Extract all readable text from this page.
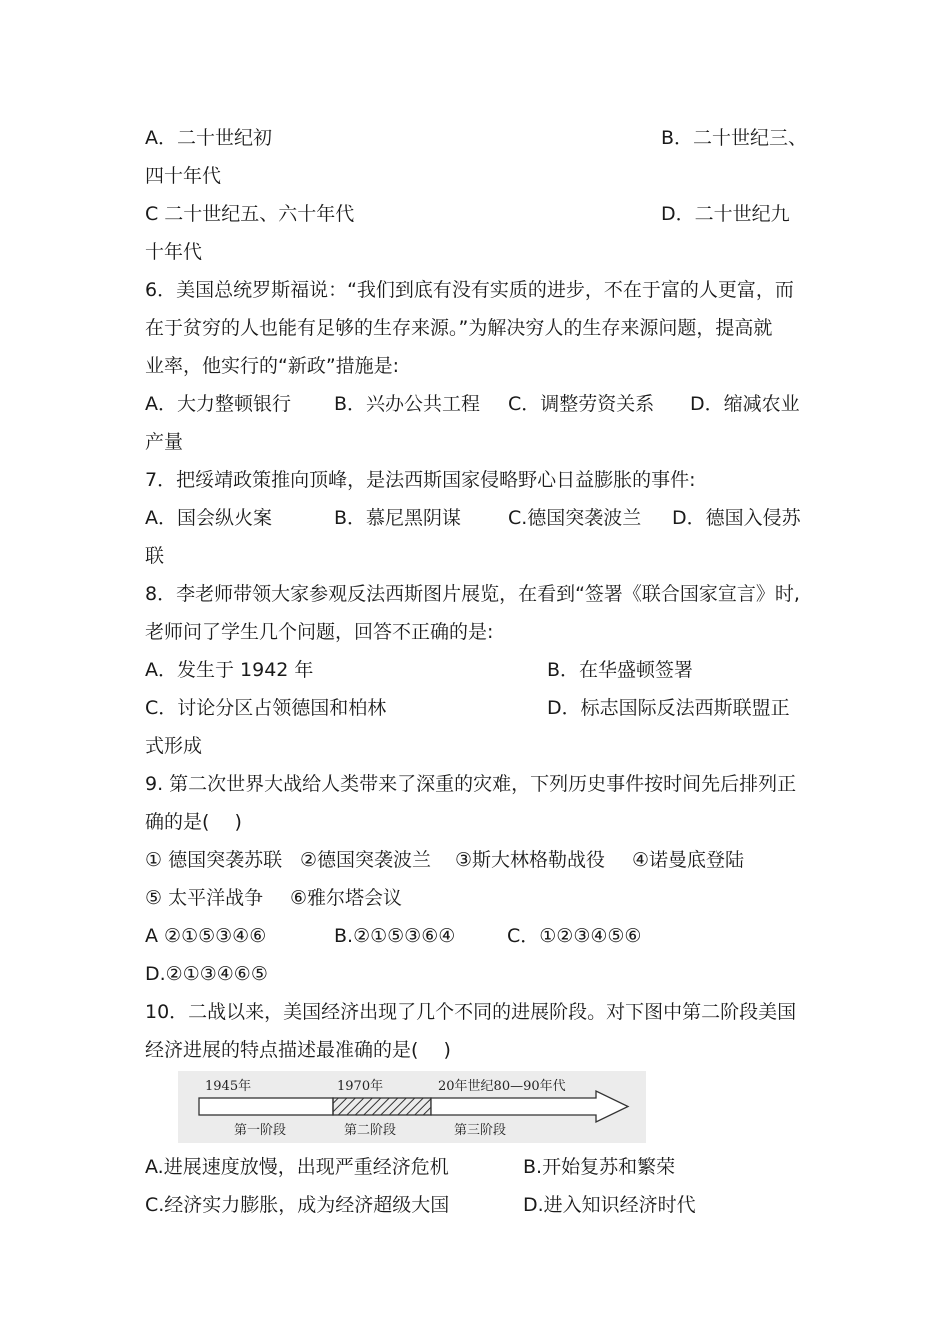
A．二十世纪初	B．二十世纪三、
四十年代
C 二十世纪五、六十年代	D．二十世纪九
十年代
6．美国总统罗斯福说：“我们到底有没有实质的进步，不在于富的人更富，而
在于贫穷的人也能有足够的生存来源。”为解决穷人的生存来源问题，提高就
业率，他实行的“新政”措施是:
A．大力整顿银行 B．兴办公共工程 C．调整劳资关系 D．缩减农业
产量
7．把绥靖政策推向顶峰，是法西斯国家侵略野心日益膨胀的事件:
A．国会纵火案	B．慕尼黑阴谋 C.德国突袭波兰 D．德国入侵苏
联
8．李老师带领大家参观反法西斯图片展览，在看到“签署《联合国家宣言》时,
老师问了学生几个问题，回答不正确的是:
A．发生于 1942 年	B．在华盛顿签署
C．讨论分区占领德国和柏林	D．标志国际反法西斯联盟正
式形成
9. 第二次世界大战给人类带来了深重的灾难，下列历史事件按时间先后排列正
确的是(　 )
① 德国突袭苏联 ②德国突袭波兰 ③斯大林格勒战役 ④诺曼底登陆
⑤ 太平洋战争 ⑥雅尔塔会议
A ②①⑤③④⑥	B.②①⑤③⑥④	C．①②③④⑤⑥
D.②①③④⑥⑤
10．二战以来，美国经济出现了几个不同的进展阶段。对下图中第二阶段美国
经济进展的特点描述最准确的是(　 )
1945年	1970年	20年世纪80—90年代
第一阶段	第二阶段	第三阶段
A.进展速度放慢，出现严重经济危机	B.开始复苏和繁荣
C.经济实力膨胀，成为经济超级大国	D.进入知识经济时代
